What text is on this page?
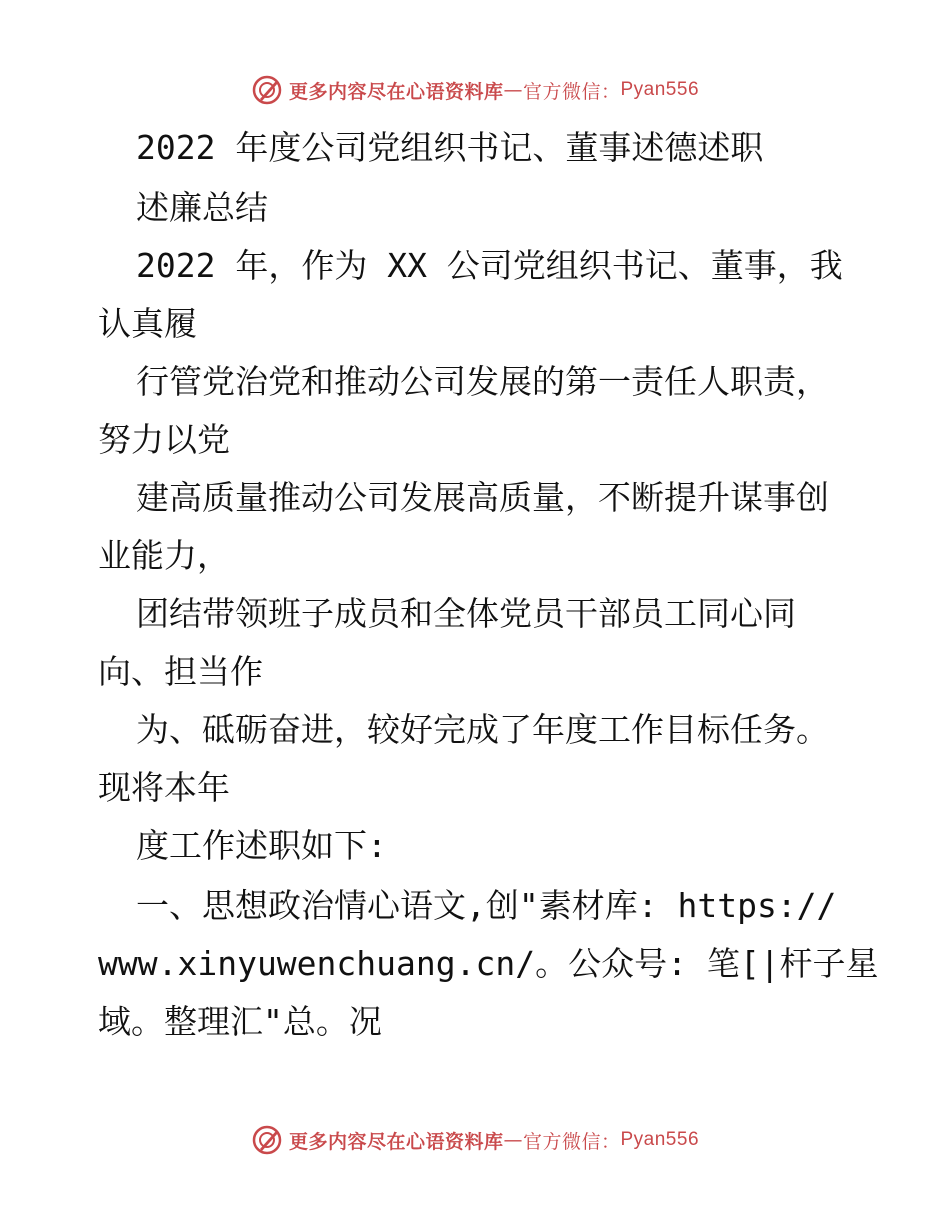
更多内容尽在心语资料库 — 官方微信： Pyan556
2022 年度公司党组织书记、董事述德述职
述廉总结
2022 年，作为 XX 公司党组织书记、董事，我
认真履
行管党治党和推动公司发展的第一责任人职责，
努力以党
建高质量推动公司发展高质量，不断提升谋事创
业能力，
团结带领班子成员和全体党员干部员工同心同
向、担当作
为、砥砺奋进，较好完成了年度工作目标任务。
现将本年
度工作述职如下:
一、思想政治情心语文,创"素材库: https://
www.xinyuwenchuang.cn/。公众号: 笔[|杆子星
域。整理汇"总。况
更多内容尽在心语资料库 — 官方微信： Pyan556
